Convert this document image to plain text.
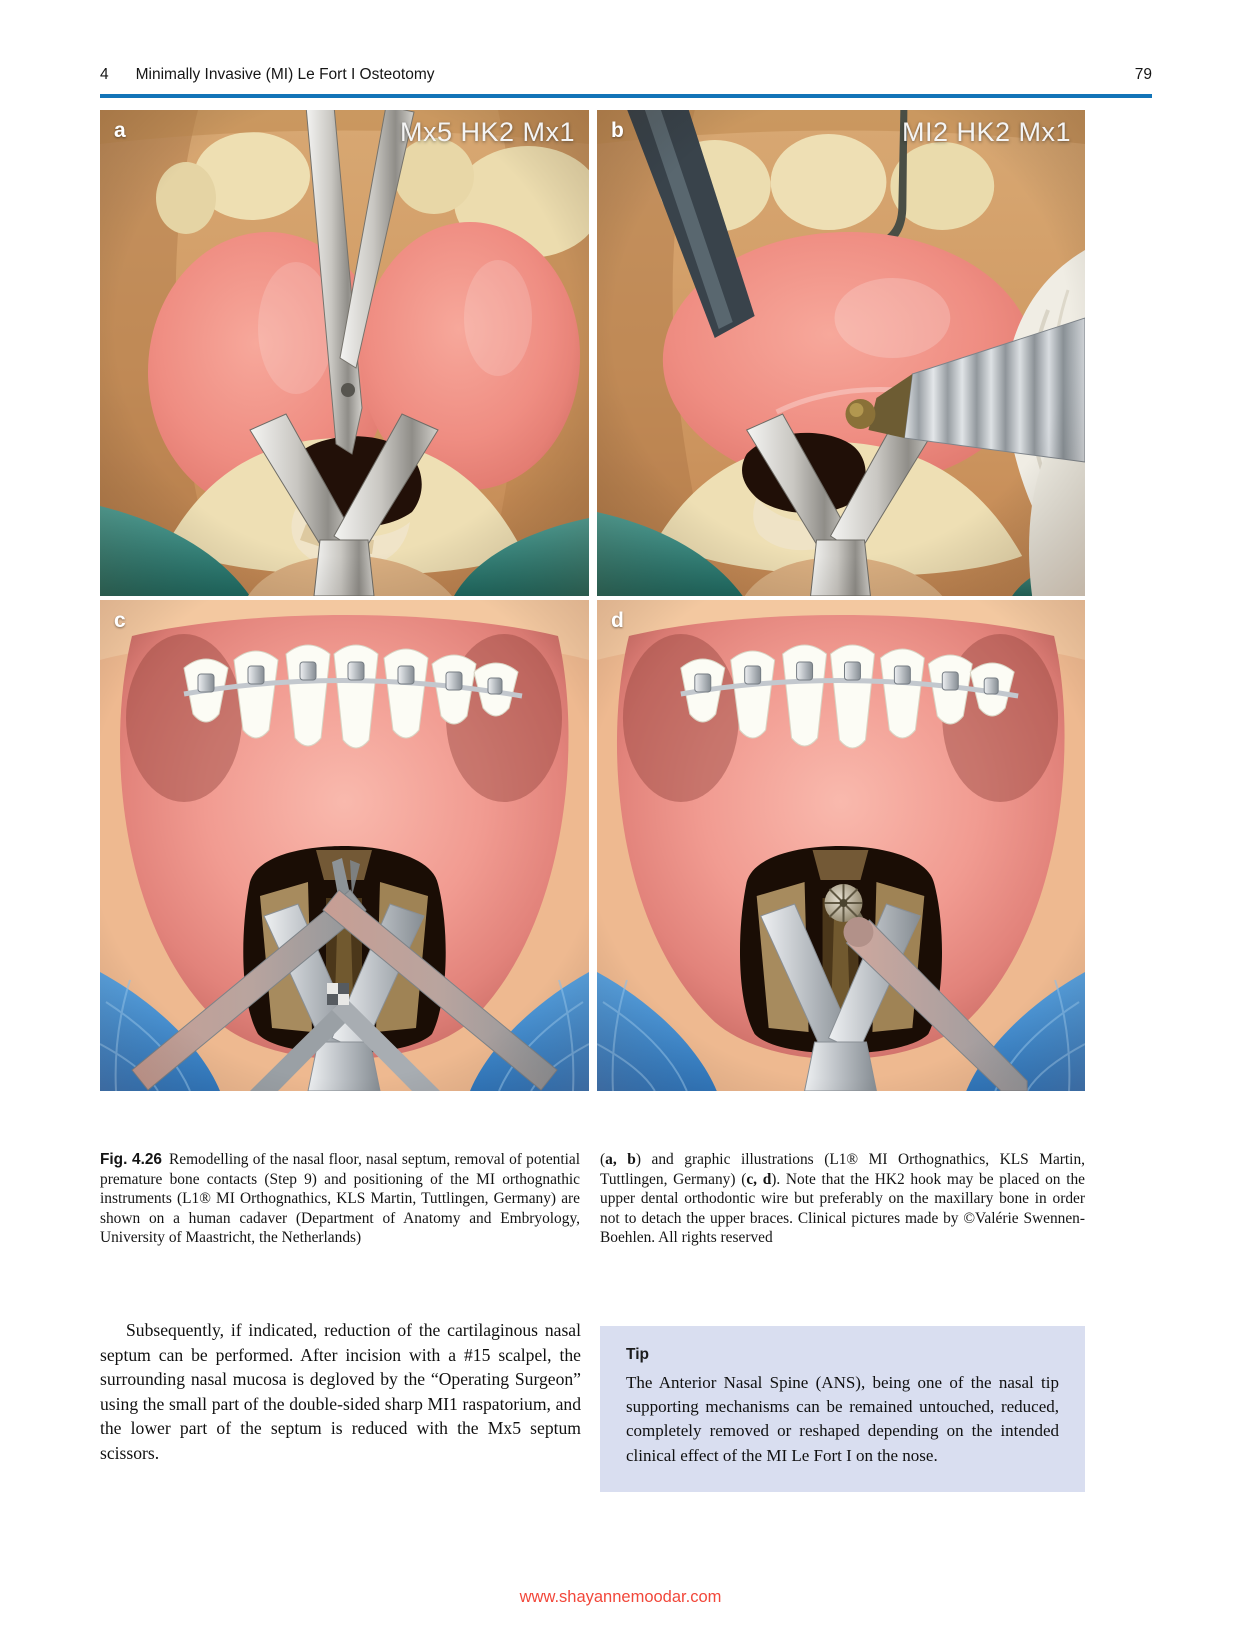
4 Minimally Invasive (MI) Le Fort I Osteotomy	79
a	Mx5 HK2 Mx1 b	MI2 HK2 Mx1
c	d
Fig. 4.26 Remodelling of the nasal floor, nasal septum, removal of potential premature bone contacts (Step 9) and positioning of the MI orthognathic instruments (L1® MI Orthognathics, KLS Martin, Tuttlingen, Germany) are shown on a human cadaver (Department of Anatomy and Embryology, University of Maastricht, the Netherlands)
(a, b) and graphic illustrations (L1® MI Orthognathics, KLS Martin, Tuttlingen, Germany) (c, d). Note that the HK2 hook may be placed on the upper dental orthodontic wire but preferably on the maxillary bone in order not to detach the upper braces. Clinical pictures made by ©Valérie Swennen-Boehlen. All rights reserved

Subsequently, if indicated, reduction of the cartilaginous nasal septum can be performed. After incision with a #15 scalpel, the surrounding nasal mucosa is degloved by the “Operating Surgeon” using the small part of the double-sided sharp MI1 raspatorium, and the lower part of the septum is reduced with the Mx5 septum scissors.

Tip
The Anterior Nasal Spine (ANS), being one of the nasal tip supporting mechanisms can be remained untouched, reduced, completely removed or reshaped depending on the intended clinical effect of the MI Le Fort I on the nose.
www.shayannemoodar.com
